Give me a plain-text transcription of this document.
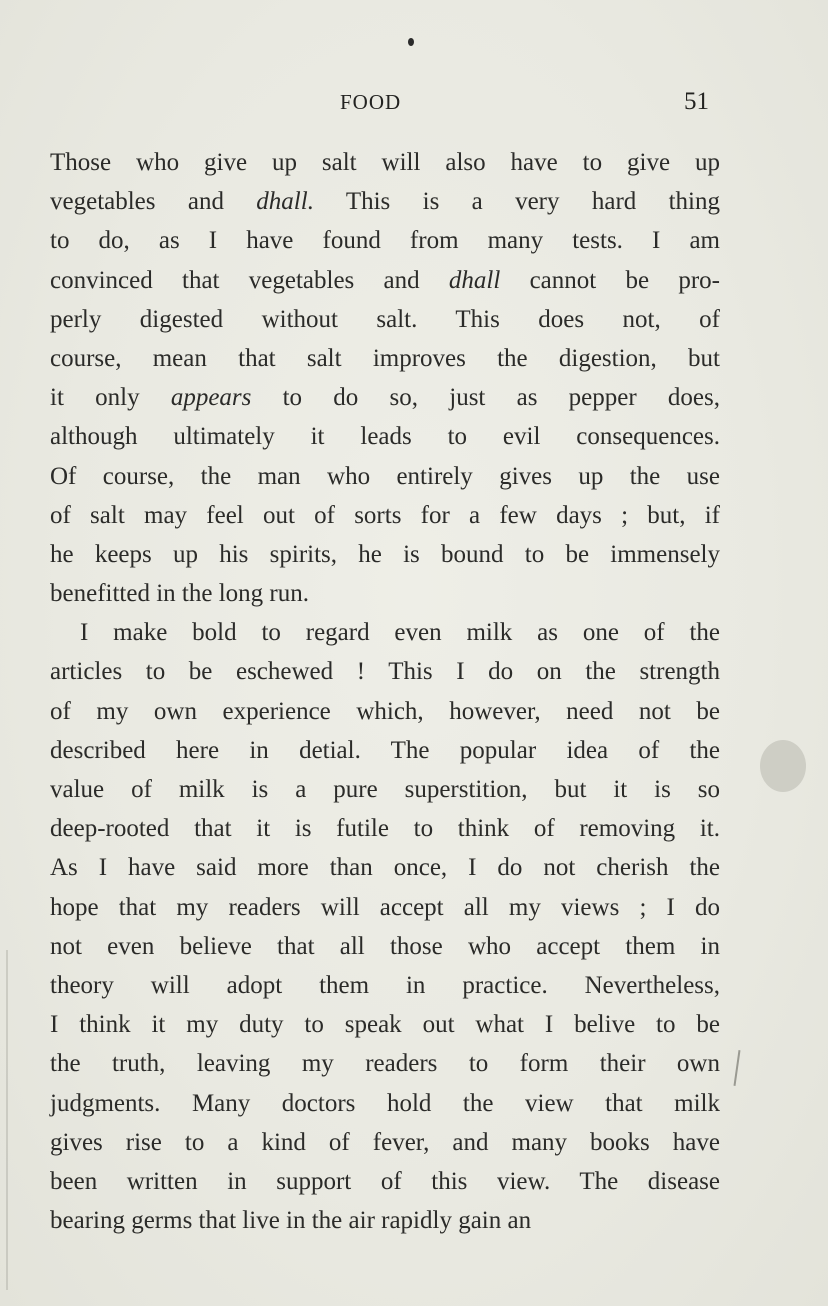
FOOD	51
Those who give up salt will also have to give up
vegetables and dhall. This is a very hard thing
to do, as I have found from many tests. I am
convinced that vegetables and dhall cannot be pro-
perly digested without salt. This does not, of
course, mean that salt improves the digestion, but
it only appears to do so, just as pepper does,
although ultimately it leads to evil consequences.
Of course, the man who entirely gives up the use
of salt may feel out of sorts for a few days ; but, if
he keeps up his spirits, he is bound to be immensely
benefitted in the long run.
I make bold to regard even milk as one of the
articles to be eschewed ! This I do on the strength
of my own experience which, however, need not be
described here in detial. The popular idea of the
value of milk is a pure superstition, but it is so
deep-rooted that it is futile to think of removing it.
As I have said more than once, I do not cherish the
hope that my readers will accept all my views ; I do
not even believe that all those who accept them in
theory will adopt them in practice. Nevertheless,
I think it my duty to speak out what I belive to be
the truth, leaving my readers to form their own
judgments. Many doctors hold the view that milk
gives rise to a kind of fever, and many books have
been written in support of this view. The disease
bearing germs that live in the air rapidly gain an
